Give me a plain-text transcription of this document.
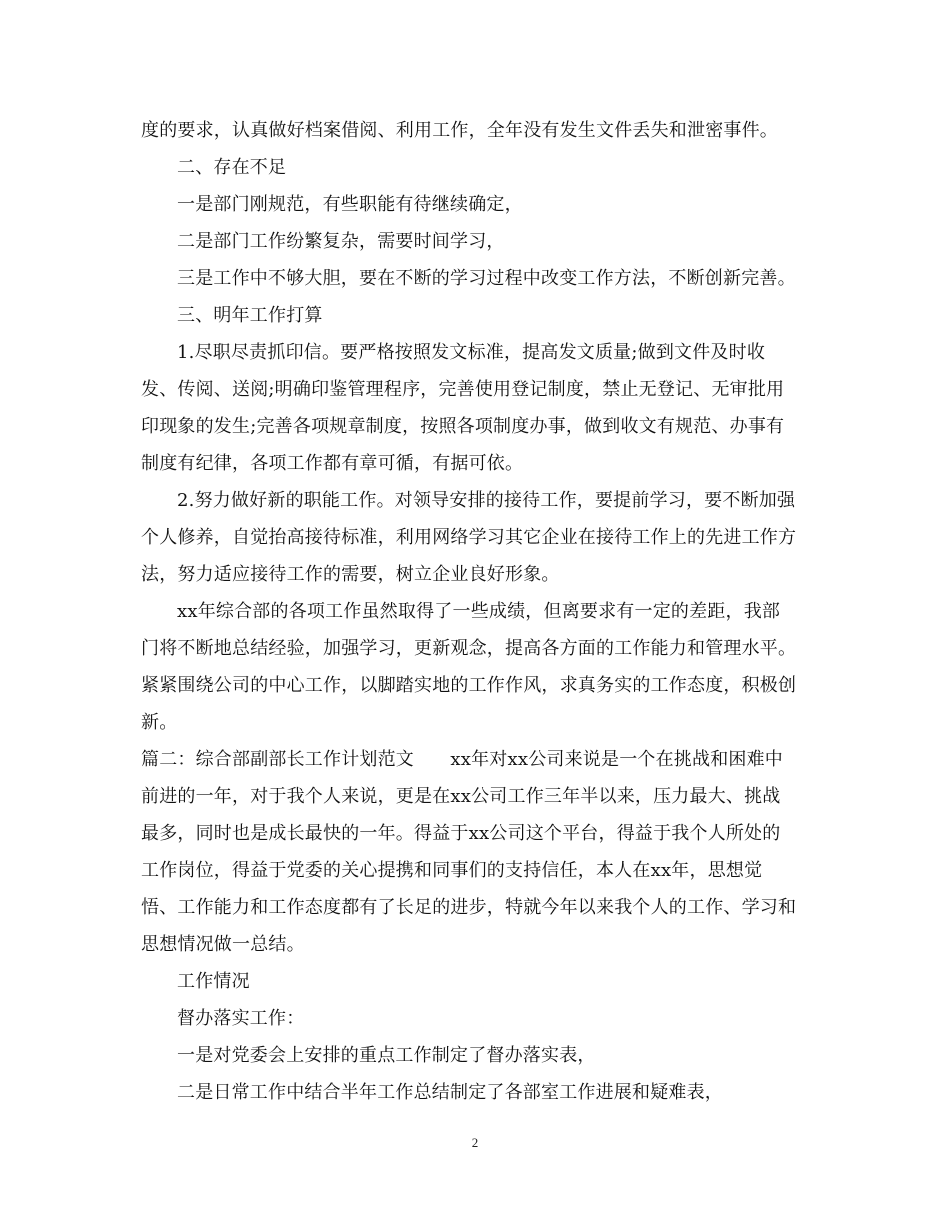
度的要求，认真做好档案借阅、利用工作，全年没有发生文件丢失和泄密事件。
二、存在不足
一是部门刚规范，有些职能有待继续确定，
二是部门工作纷繁复杂，需要时间学习，
三是工作中不够大胆，要在不断的学习过程中改变工作方法，不断创新完善。
三、明年工作打算
1.尽职尽责抓印信。要严格按照发文标准，提高发文质量;做到文件及时收
发、传阅、送阅;明确印鉴管理程序，完善使用登记制度，禁止无登记、无审批用
印现象的发生;完善各项规章制度，按照各项制度办事，做到收文有规范、办事有
制度有纪律，各项工作都有章可循，有据可依。
2.努力做好新的职能工作。对领导安排的接待工作，要提前学习，要不断加强
个人修养，自觉抬高接待标准，利用网络学习其它企业在接待工作上的先进工作方
法，努力适应接待工作的需要，树立企业良好形象。
xx年综合部的各项工作虽然取得了一些成绩，但离要求有一定的差距，我部
门将不断地总结经验，加强学习，更新观念，提高各方面的工作能力和管理水平。
紧紧围绕公司的中心工作，以脚踏实地的工作作风，求真务实的工作态度，积极创
新。
篇二：综合部副部长工作计划范文　　xx年对xx公司来说是一个在挑战和困难中
前进的一年，对于我个人来说，更是在xx公司工作三年半以来，压力最大、挑战
最多，同时也是成长最快的一年。得益于xx公司这个平台，得益于我个人所处的
工作岗位，得益于党委的关心提携和同事们的支持信任，本人在xx年，思想觉
悟、工作能力和工作态度都有了长足的进步，特就今年以来我个人的工作、学习和
思想情况做一总结。
工作情况
督办落实工作：
一是对党委会上安排的重点工作制定了督办落实表，
二是日常工作中结合半年工作总结制定了各部室工作进展和疑难表，
2
